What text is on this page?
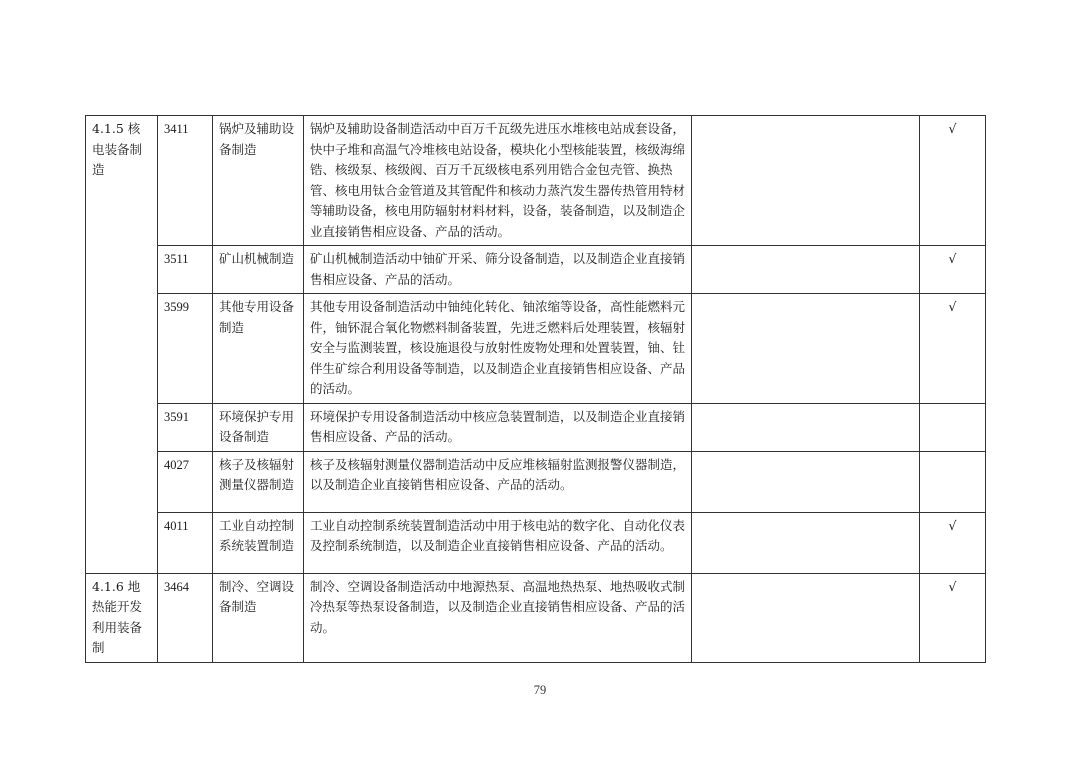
4.1.5 核电装备制造	3411	锅炉及辅助设备制造	锅炉及辅助设备制造活动中百万千瓦级先进压水堆核电站成套设备，快中子堆和高温气冷堆核电站设备，模块化小型核能装置，核级海绵锆、核级泵、核级阀、百万千瓦级核电系列用锆合金包壳管、换热管、核电用钛合金管道及其管配件和核动力蒸汽发生器传热管用特材等辅助设备，核电用防辐射材料材料，设备，装备制造，以及制造企业直接销售相应设备、产品的活动。		√
	3511	矿山机械制造	矿山机械制造活动中铀矿开采、筛分设备制造，以及制造企业直接销售相应设备、产品的活动。		√
	3599	其他专用设备制造	其他专用设备制造活动中铀纯化转化、铀浓缩等设备，高性能燃料元件，铀钚混合氧化物燃料制备装置，先进乏燃料后处理装置，核辐射安全与监测装置，核设施退役与放射性废物处理和处置装置，铀、钍伴生矿综合利用设备等制造，以及制造企业直接销售相应设备、产品的活动。		√
	3591	环境保护专用设备制造	环境保护专用设备制造活动中核应急装置制造，以及制造企业直接销售相应设备、产品的活动。		
	4027	核子及核辐射测量仪器制造	核子及核辐射测量仪器制造活动中反应堆核辐射监测报警仪器制造，以及制造企业直接销售相应设备、产品的活动。		
	4011	工业自动控制系统装置制造	工业自动控制系统装置制造活动中用于核电站的数字化、自动化仪表及控制系统制造，以及制造企业直接销售相应设备、产品的活动。		√
4.1.6 地热能开发利用装备制	3464	制冷、空调设备制造	制冷、空调设备制造活动中地源热泵、高温地热热泵、地热吸收式制冷热泵等热泵设备制造，以及制造企业直接销售相应设备、产品的活动。		√
79
